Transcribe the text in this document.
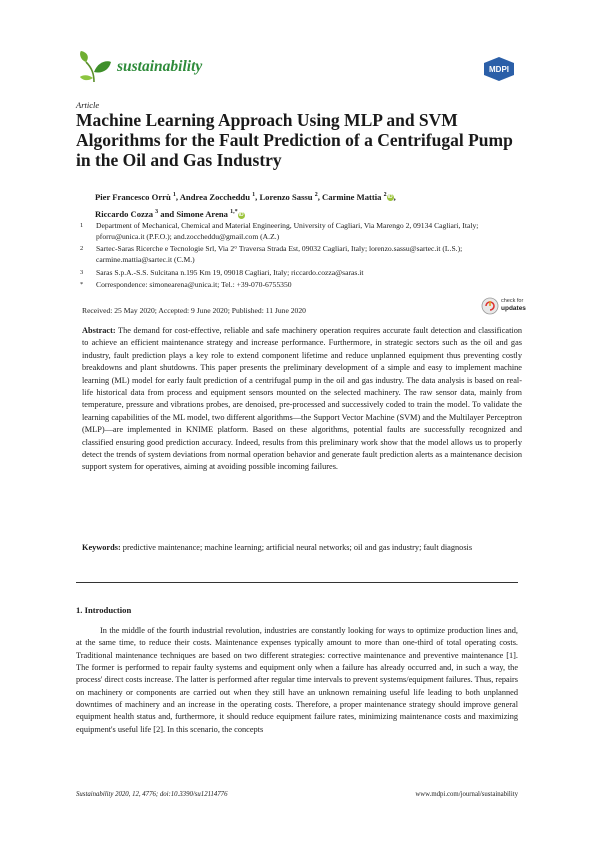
sustainability	MDPI
Article
Machine Learning Approach Using MLP and SVM Algorithms for the Fault Prediction of a Centrifugal Pump in the Oil and Gas Industry
Pier Francesco Orrù $^1$, Andrea Zoccheddu $^1$, Lorenzo Sassu $^2$, Carmine Mattia $^2$iD,
Riccardo Cozza $^3$ and Simone Arena $^{1,*}$iD
1	Department of Mechanical, Chemical and Material Engineering, University of Cagliari, Via Marengo 2, 09134 Cagliari, Italy; pforru@unica.it (P.F.O.); and.zoccheddu@gmail.com (A.Z.)
2	Sartec-Saras Ricerche e Tecnologie Srl, Via 2° Traversa Strada Est, 09032 Cagliari, Italy; lorenzo.sassu@sartec.it (L.S.); carmine.mattia@sartec.it (C.M.)
3	Saras S.p.A.-S.S. Sulcitana n.195 Km 19, 09018 Cagliari, Italy; riccardo.cozza@saras.it
*	Correspondence: simonearena@unica.it; Tel.: +39-070-6755350
Received: 25 May 2020; Accepted: 9 June 2020; Published: 11 June 2020
check for
updates
Abstract: The demand for cost-effective, reliable and safe machinery operation requires accurate fault detection and classification to achieve an efficient maintenance strategy and increase performance. Furthermore, in strategic sectors such as the oil and gas industry, fault prediction plays a key role to extend component lifetime and reduce unplanned equipment thus preventing costly breakdowns and plant shutdowns. This paper presents the preliminary development of a simple and easy to implement machine learning (ML) model for early fault prediction of a centrifugal pump in the oil and gas industry. The data analysis is based on real-life historical data from process and equipment sensors mounted on the selected machinery. The raw sensor data, mainly from temperature, pressure and vibrations probes, are denoised, pre-processed and successively coded to train the model. To validate the learning capabilities of the ML model, two different algorithms—the Support Vector Machine (SVM) and the Multilayer Perceptron (MLP)—are implemented in KNIME platform. Based on these algorithms, potential faults are successfully recognized and classified ensuring good prediction accuracy. Indeed, results from this preliminary work show that the model allows us to properly detect the trends of system deviations from normal operation behavior and generate fault prediction alerts as a maintenance decision support system for operatives, aiming at avoiding possible incoming failures.
Keywords: predictive maintenance; machine learning; artificial neural networks; oil and gas industry; fault diagnosis
1. Introduction
In the middle of the fourth industrial revolution, industries are constantly looking for ways to optimize production lines and, at the same time, to reduce their costs. Maintenance expenses typically amount to more than one-third of total operating costs. Traditional maintenance techniques are based on two different strategies: corrective maintenance and preventive maintenance [1]. The former is performed to repair faulty systems and equipment only when a failure has already occurred and, in such a way, the process' direct costs increase. The latter is performed after regular time intervals to prevent systems/equipment failures. Thus, repairs on machinery or components are carried out when they still have an unknown remaining useful life leading to both unplanned downtimes of machinery and an increase in the operating costs. Therefore, a proper maintenance strategy should improve general equipment health status and, furthermore, it should reduce equipment failure rates, minimizing maintenance costs and maximizing equipment's useful life [2]. In this scenario, the concepts
Sustainability 2020, 12, 4776; doi:10.3390/su12114776	www.mdpi.com/journal/sustainability
